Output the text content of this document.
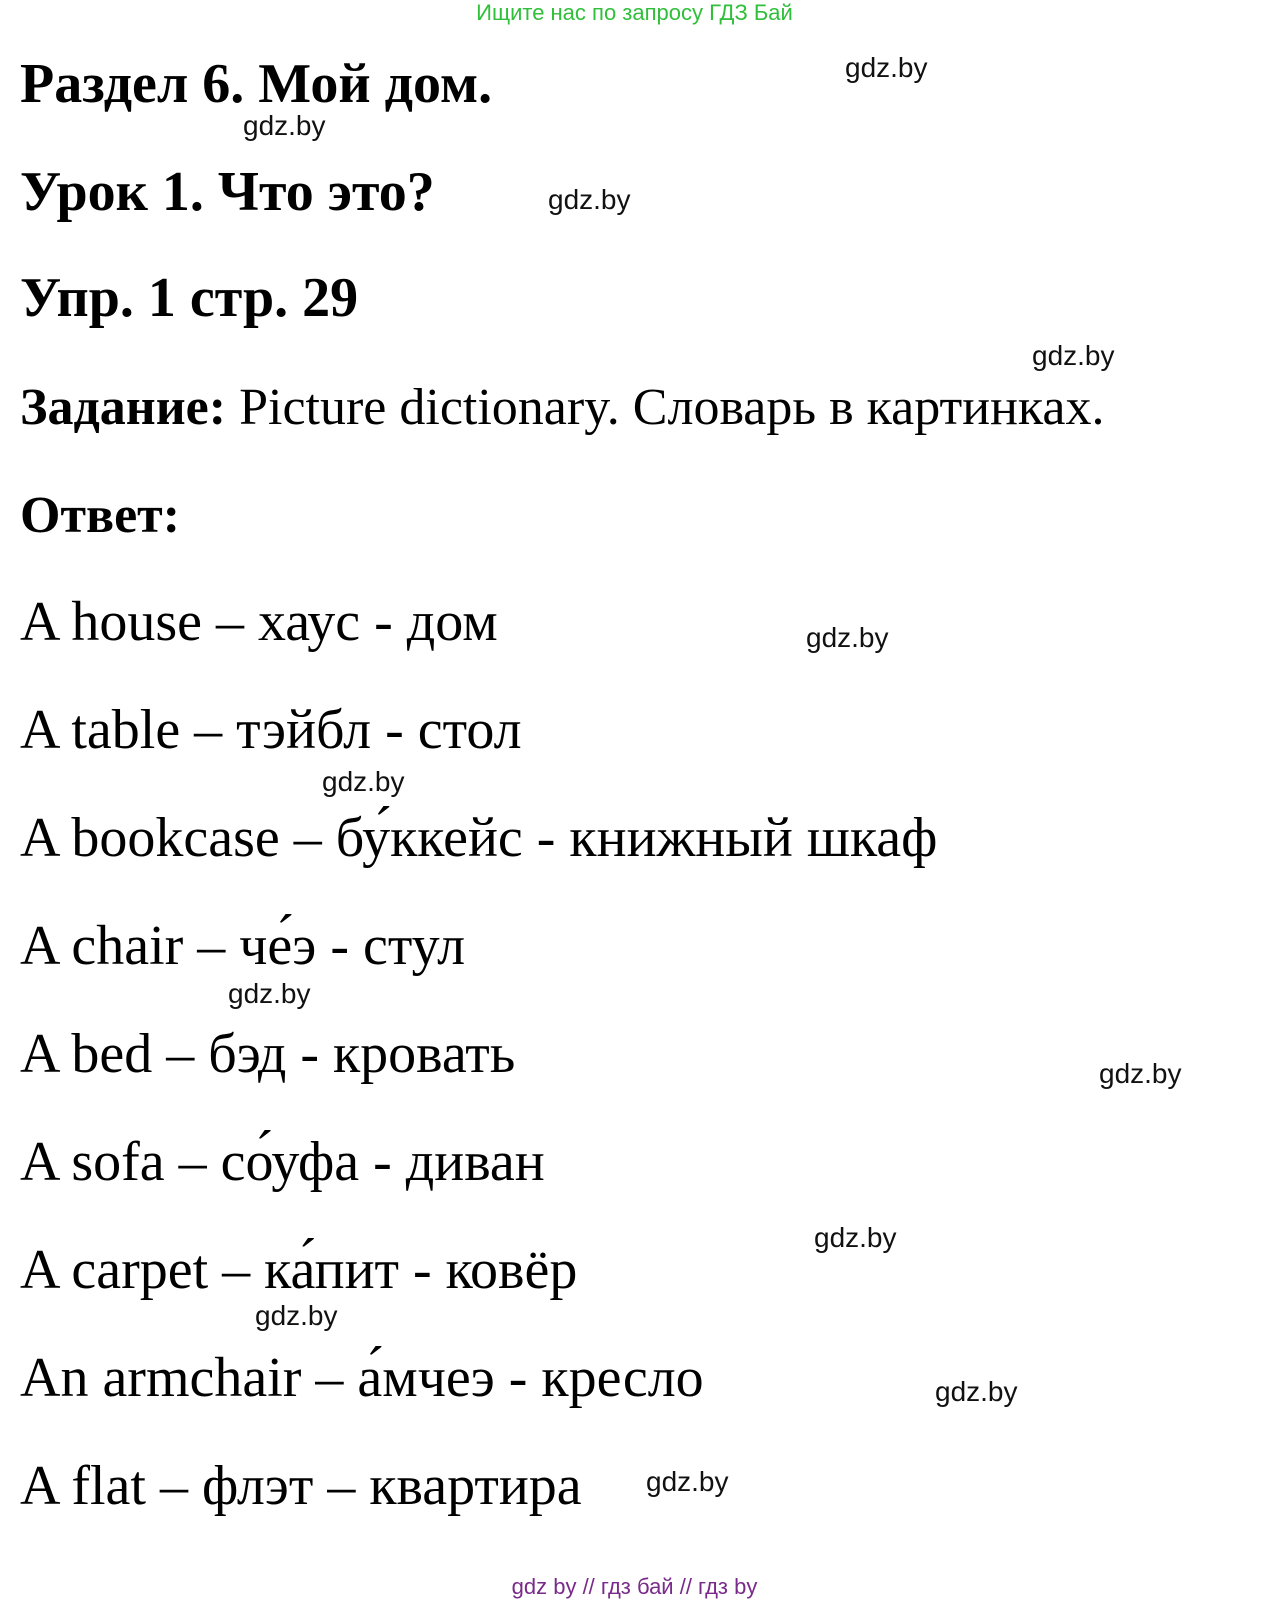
Ищите нас по запросу ГДЗ Бай
Раздел 6. Мой дом.
Урок 1. Что это?
Упр. 1 стр. 29
Задание: Picture dictionary. Словарь в картинках.
Ответ:
A house – хаус - дом
A table – тэйбл - стол
A bookcase – бу́ккейс - книжный шкаф
A chair – че́э - стул
A bed – бэд - кровать
A sofa – со́уфа - диван
A carpet – ка́пит - ковёр
An armchair – а́мчеэ - кресло
A flat – флэт – квартира
gdz.by
gdz.by
gdz.by
gdz.by
gdz.by
gdz.by
gdz.by
gdz.by
gdz.by
gdz.by
gdz.by
gdz.by
gdz by // гдз бай // гдз by
